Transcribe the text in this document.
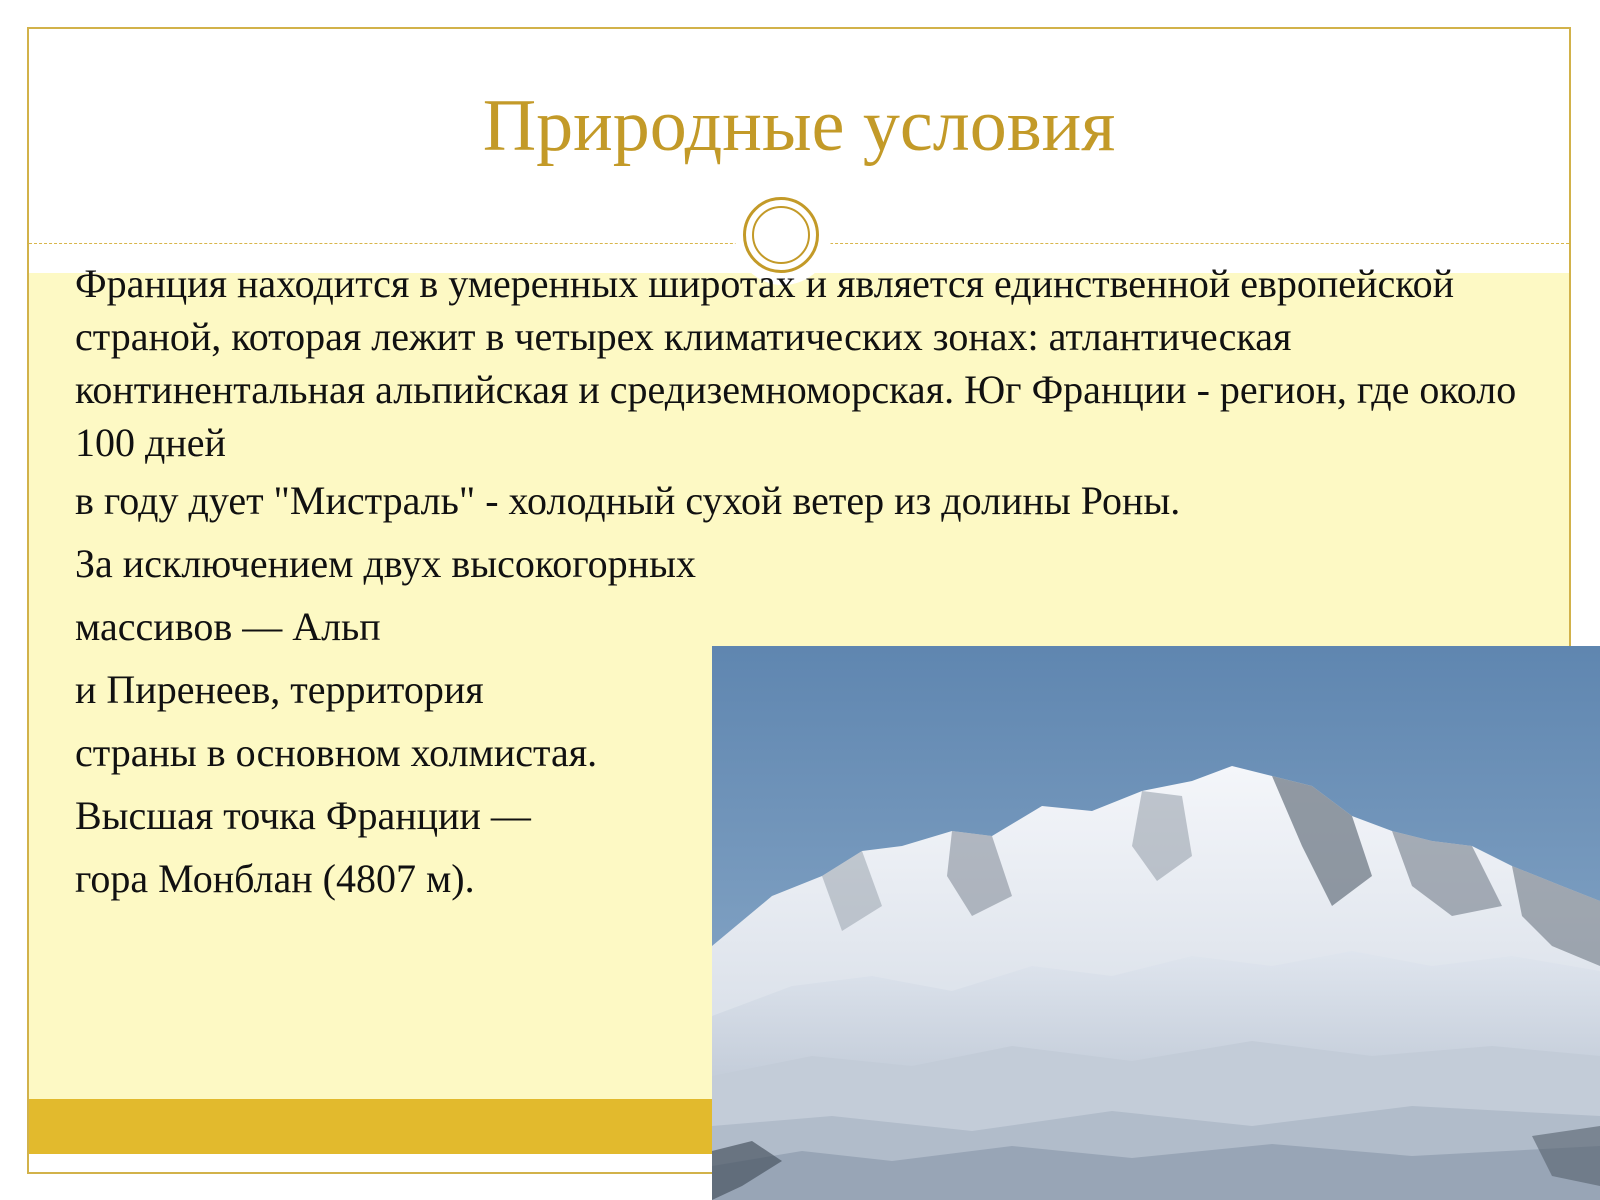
Природные условия

Франция находится в умеренных широтах и является единственной европейской страной, которая лежит в четырех климатических зонах: атлантическая континентальная альпийская и средиземноморская. Юг Франции - регион, где около 100 дней

в году дует "Мистраль" - холодный сухой ветер из долины Роны.

За исключением двух высокогорных

массивов — Альп

и Пиренеев, территория

страны в основном холмистая.

Высшая точка Франции —

гора Монблан (4807 м).
